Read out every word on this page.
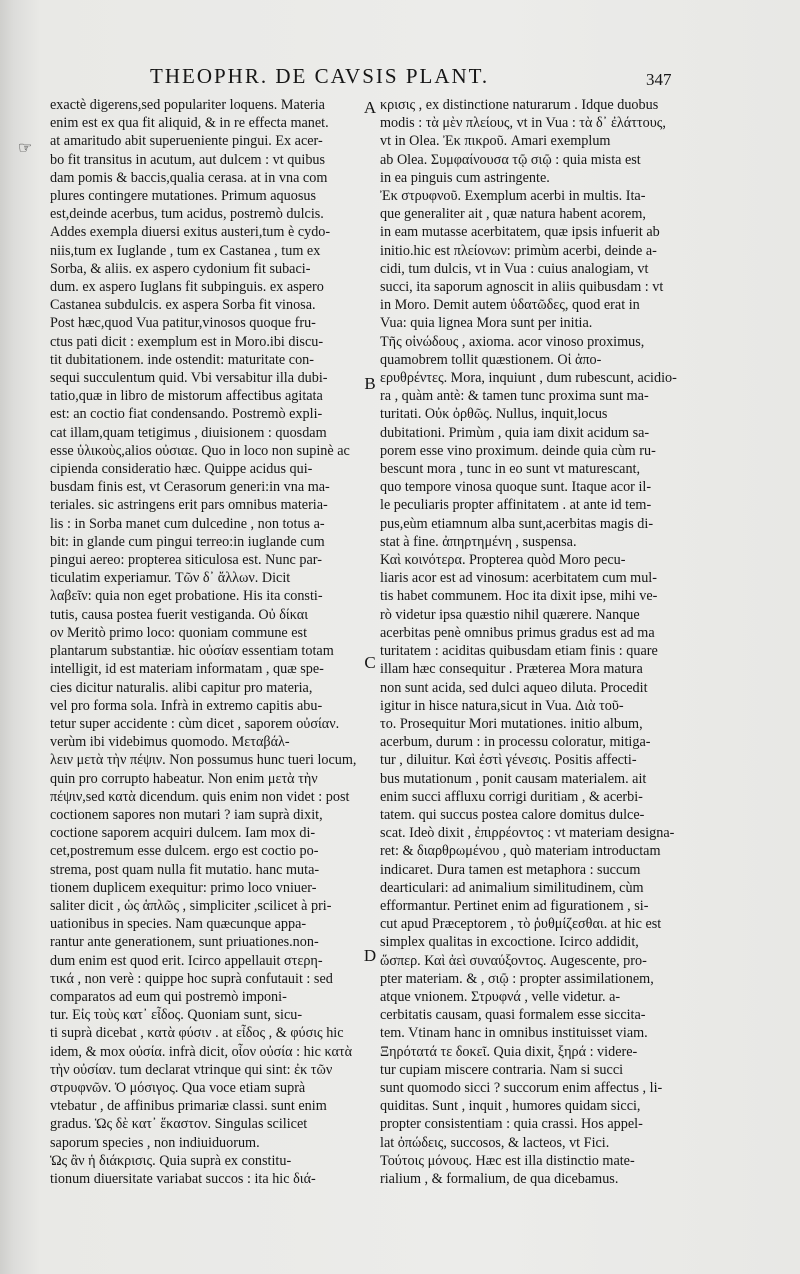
THEOPHR. DE CAVSIS PLANT.	347
☞
A
B
C
D
exactè digerens,sed populariter loquens. Materia
enim est ex qua fit aliquid, & in re effecta manet.
at amaritudo abit superueniente pingui. Ex acer-
bo fit transitus in acutum, aut dulcem : vt quibus
dam pomis & baccis,qualia cerasa. at in vna com
plures contingere mutationes. Primum aquosus
est,deinde acerbus, tum acidus, postremò dulcis.
Addes exempla diuersi exitus austeri,tum è cydo-
niis,tum ex Iuglande , tum ex Castanea , tum ex
Sorba, & aliis. ex aspero cydonium fit subaci-
dum. ex aspero Iuglans fit subpinguis. ex aspero
Castanea subdulcis. ex aspera Sorba fit vinosa.
Post hæc,quod Vua patitur,vinosos quoque fru-
ctus pati dicit : exemplum est in Moro.ibi discu-
tit dubitationem. inde ostendit: maturitate con-
sequi succulentum quid. Vbi versabitur illa dubi-
tatio,quæ in libro de mistorum affectibus agitata
est: an coctio fiat condensando. Postremò expli-
cat illam,quam tetigimus , diuisionem : quosdam
esse ὑλικοὺς,alios οὐσιαε. Quo in loco non supinè ac
cipienda consideratio hæc. Quippe acidus qui-
busdam finis est, vt Cerasorum generi:in vna ma-
teriales. sic astringens erit pars omnibus materia-
lis : in Sorba manet cum dulcedine , non totus a-
bit: in glande cum pingui terreo:in iuglande cum
pingui aereo: propterea siticulosa est. Nunc par-
ticulatim experiamur. Τῶν δ᾽ ἄλλων. Dicit
λαβεῖν: quia non eget probatione. His ita consti-
tutis, causa postea fuerit vestiganda. Οὐ δίκαι
ον Meritò primo loco: quoniam commune est
plantarum substantiæ. hic οὐσίαν essentiam totam
intelligit, id est materiam informatam , quæ spe-
cies dicitur naturalis. alibi capitur pro materia,
vel pro forma sola. Infrà in extremo capitis abu-
tetur super accidente : cùm dicet , saporem οὐσίαν.
verùm ibi videbimus quomodo. Μεταβάλ-
λειν μετὰ τὴν πέψιν. Non possumus hunc tueri locum,
quin pro corrupto habeatur. Non enim μετὰ τὴν
πέψιν,sed κατὰ dicendum. quis enim non videt : post
coctionem sapores non mutari ? iam suprà dixit,
coctione saporem acquiri dulcem. Iam mox di-
cet,postremum esse dulcem. ergo est coctio po-
strema, post quam nulla fit mutatio. hanc muta-
tionem duplicem exequitur: primo loco vniuer-
saliter dicit , ὡς ἁπλῶς , simpliciter ,scilicet à pri-
uationibus in species. Nam quæcunque appa-
rantur ante generationem, sunt priuationes.non-
dum enim est quod erit. Icirco appellauit στερη-
τικά , non verè : quippe hoc suprà confutauit : sed
comparatos ad eum qui postremò imponi-
tur. Εἰς τοὺς κατ᾽ εἶδος. Quoniam sunt, sicu-
ti suprà dicebat , κατὰ φύσιν . at εἶδος , & φύσις hic
idem, & mox οὐσία. infrà dicit, οἷον οὐσία : hic κατὰ
τὴν οὐσίαν. tum declarat vtrinque qui sint: ἐκ τῶν
στρυφνῶν. Ὁ μόσιγος. Qua voce etiam suprà
vtebatur , de affinibus primariæ classi. sunt enim
gradus. Ὡς δὲ κατ᾽ ἕκαστον. Singulas scilicet
saporum species , non indiuiduorum.
Ὡς ἂν ἡ διάκρισις. Quia suprà ex constitu-
tionum diuersitate variabat succos : ita hic διά-
κρισις , ex distinctione naturarum . Idque duobus
modis : τὰ μὲν πλείους, vt in Vua : τὰ δ᾽ ἐλάττους,
vt in Olea. Ἐκ πικροῦ. Amari exemplum
ab Olea. Συμφαίνουσα τῷ σιῷ : quia mista est
in ea pinguis cum astringente.
Ἐκ στρυφνοῦ. Exemplum acerbi in multis. Ita-
que generaliter ait , quæ natura habent acorem,
in eam mutasse acerbitatem, quæ ipsis infuerit ab
initio.hic est πλείονων: primùm acerbi, deinde a-
cidi, tum dulcis, vt in Vua : cuius analogiam, vt
succi, ita saporum agnoscit in aliis quibusdam : vt
in Moro. Demit autem ὑδατῶδες, quod erat in
Vua: quia lignea Mora sunt per initia.
Τῆς οἰνώδους , axioma. acor vinoso proximus,
quamobrem tollit quæstionem. Οἱ ἀπο-
ερυθρέντες. Mora, inquiunt , dum rubescunt, acidio-
ra , quàm antè: & tamen tunc proxima sunt ma-
turitati. Οὐκ ὀρθῶς. Nullus, inquit,locus
dubitationi. Primùm , quia iam dixit acidum sa-
porem esse vino proximum. deinde quia cùm ru-
bescunt mora , tunc in eo sunt vt maturescant,
quo tempore vinosa quoque sunt. Itaque acor il-
le peculiaris propter affinitatem . at ante id tem-
pus,eùm etiamnum alba sunt,acerbitas magis di-
stat à fine. ἀπηρτημένη , suspensa.
Καὶ κοινότερα. Propterea quòd Moro pecu-
liaris acor est ad vinosum: acerbitatem cum mul-
tis habet communem. Hoc ita dixit ipse, mihi ve-
rò videtur ipsa quæstio nihil quærere. Nanque
acerbitas penè omnibus primus gradus est ad ma
turitatem : aciditas quibusdam etiam finis : quare
illam hæc consequitur . Præterea Mora matura
non sunt acida, sed dulci aqueo diluta. Procedit
igitur in hisce natura,sicut in Vua. Διὰ τοῦ-
το. Prosequitur Mori mutationes. initio album,
acerbum, durum : in processu coloratur, mitiga-
tur , diluitur. Καὶ ἐστὶ γένεσις. Positis affecti-
bus mutationum , ponit causam materialem. ait
enim succi affluxu corrigi duritiam , & acerbi-
tatem. qui succus postea calore domitus dulce-
scat. Ideò dixit , ἐπιρρέοντος : vt materiam designa-
ret: & διαρθρωμένου , quò materiam introductam
indicaret. Dura tamen est metaphora : succum
dearticulari: ad animalium similitudinem, cùm
efformantur. Pertinet enim ad figurationem , si-
cut apud Præceptorem , τὸ ῥυθμίζεσθαι. at hic est
simplex qualitas in excoctione. Icirco addidit,
ὥσπερ. Καὶ ἀεὶ συναύξοντος. Augescente, pro-
pter materiam. & , σιῷ : propter assimilationem,
atque vnionem. Στρυφνά , velle videtur. a-
cerbitatis causam, quasi formalem esse siccita-
tem. Vtinam hanc in omnibus instituisset viam.
Ξηρότατά τε δοκεῖ. Quia dixit, ξηρά : videre-
tur cupiam miscere contraria. Nam si succi
sunt quomodo sicci ? succorum enim affectus , li-
quiditas. Sunt , inquit , humores quidam sicci,
propter consistentiam : quia crassi. Hos appel-
lat ὀπώδεις, succosos, & lacteos, vt Fici.
Τούτοις μόνους. Hæc est illa distinctio mate-
rialium , & formalium, de qua dicebamus.
